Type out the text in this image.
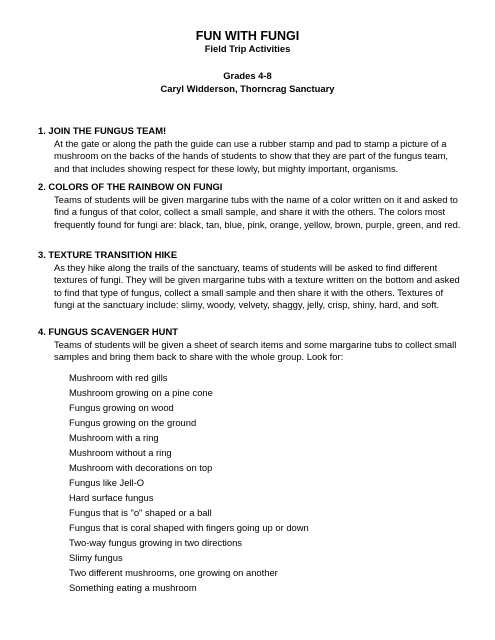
FUN WITH FUNGI
Field Trip Activities
Grades 4-8
Caryl Widderson, Thorncrag Sanctuary
1. JOIN THE FUNGUS TEAM!
At the gate or along the path the guide can use a rubber stamp and pad to stamp a picture of a mushroom on the backs of the hands of students to show that they are part of the fungus team, and that includes showing respect for these lowly, but mighty important, organisms.
2. COLORS OF THE RAINBOW ON FUNGI
Teams of students will be given margarine tubs with the name of a color written on it and asked to find a fungus of that color, collect a small sample, and share it with the others. The colors most frequently found for fungi are: black, tan, blue, pink, orange, yellow, brown, purple, green, and red.
3. TEXTURE TRANSITION HIKE
As they hike along the trails of the sanctuary, teams of students will be asked to find different textures of fungi. They will be given margarine tubs with a texture written on the bottom and asked to find that type of fungus, collect a small sample and then share it with the others. Textures of fungi at the sanctuary include: slimy, woody, velvety, shaggy, jelly, crisp, shiny, hard, and soft.
4. FUNGUS SCAVENGER HUNT
Teams of students will be given a sheet of search items and some margarine tubs to collect small samples and bring them back to share with the whole group. Look for:
Mushroom with red gills
Mushroom growing on a pine cone
Fungus growing on wood
Fungus growing on the ground
Mushroom with a ring
Mushroom without a ring
Mushroom with decorations on top
Fungus like Jell-O
Hard surface fungus
Fungus that is "o" shaped or a ball
Fungus that is coral shaped with fingers going up or down
Two-way fungus growing in two directions
Slimy fungus
Two different mushrooms, one growing on another
Something eating a mushroom
